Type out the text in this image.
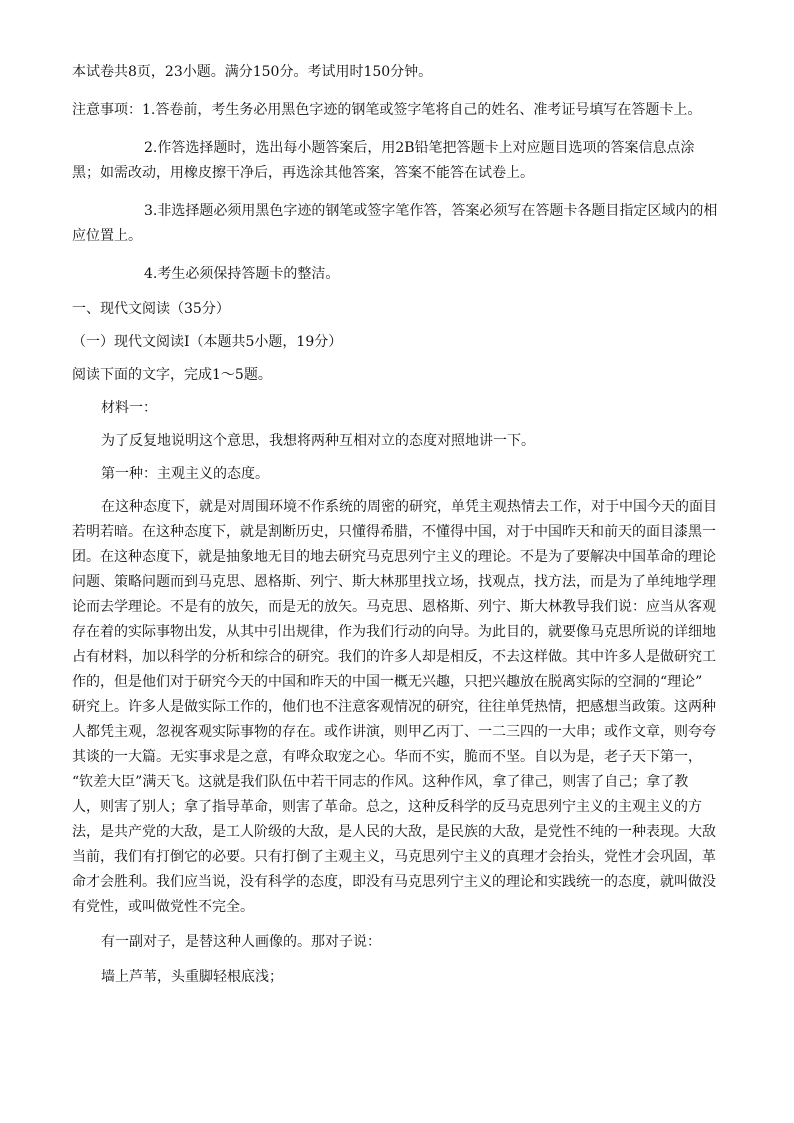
本试卷共8页，23小题。满分150分。考试用时150分钟。

注意事项：1.答卷前，考生务必用黑色字迹的钢笔或签字笔将自己的姓名、准考证号填写在答题卡上。

2.作答选择题时，选出每小题答案后，用2B铅笔把答题卡上对应题目选项的答案信息点涂

黑；如需改动，用橡皮擦干净后，再选涂其他答案，答案不能答在试卷上。

3.非选择题必须用黑色字迹的钢笔或签字笔作答，答案必须写在答题卡各题目指定区域内的相

应位置上。

4.考生必须保持答题卡的整洁。

一、现代文阅读（35分）

（一）现代文阅读Ⅰ（本题共5小题，19分）

阅读下面的文字，完成1～5题。

材料一：

为了反复地说明这个意思，我想将两种互相对立的态度对照地讲一下。

第一种：主观主义的态度。

在这种态度下，就是对周围环境不作系统的周密的研究，单凭主观热情去工作，对于中国今天的面目

若明若暗。在这种态度下，就是割断历史，只懂得希腊，不懂得中国，对于中国昨天和前天的面目漆黑一

团。在这种态度下，就是抽象地无目的地去研究马克思列宁主义的理论。不是为了要解决中国革命的理论

问题、策略问题而到马克思、恩格斯、列宁、斯大林那里找立场，找观点，找方法，而是为了单纯地学理

论而去学理论。不是有的放矢，而是无的放矢。马克思、恩格斯、列宁、斯大林教导我们说：应当从客观

存在着的实际事物出发，从其中引出规律，作为我们行动的向导。为此目的，就要像马克思所说的详细地

占有材料，加以科学的分析和综合的研究。我们的许多人却是相反，不去这样做。其中许多人是做研究工

作的，但是他们对于研究今天的中国和昨天的中国一概无兴趣，只把兴趣放在脱离实际的空洞的“理论”

研究上。许多人是做实际工作的，他们也不注意客观情况的研究，往往单凭热情，把感想当政策。这两种

人都凭主观，忽视客观实际事物的存在。或作讲演，则甲乙丙丁、一二三四的一大串；或作文章，则夸夸

其谈的一大篇。无实事求是之意，有哗众取宠之心。华而不实，脆而不坚。自以为是，老子天下第一，

“钦差大臣”满天飞。这就是我们队伍中若干同志的作风。这种作风，拿了律己，则害了自己；拿了教

人，则害了别人；拿了指导革命，则害了革命。总之，这种反科学的反马克思列宁主义的主观主义的方

法，是共产党的大敌，是工人阶级的大敌，是人民的大敌，是民族的大敌，是党性不纯的一种表现。大敌

当前，我们有打倒它的必要。只有打倒了主观主义，马克思列宁主义的真理才会抬头，党性才会巩固，革

命才会胜利。我们应当说，没有科学的态度，即没有马克思列宁主义的理论和实践统一的态度，就叫做没

有党性，或叫做党性不完全。

有一副对子，是替这种人画像的。那对子说：

墙上芦苇，头重脚轻根底浅；
